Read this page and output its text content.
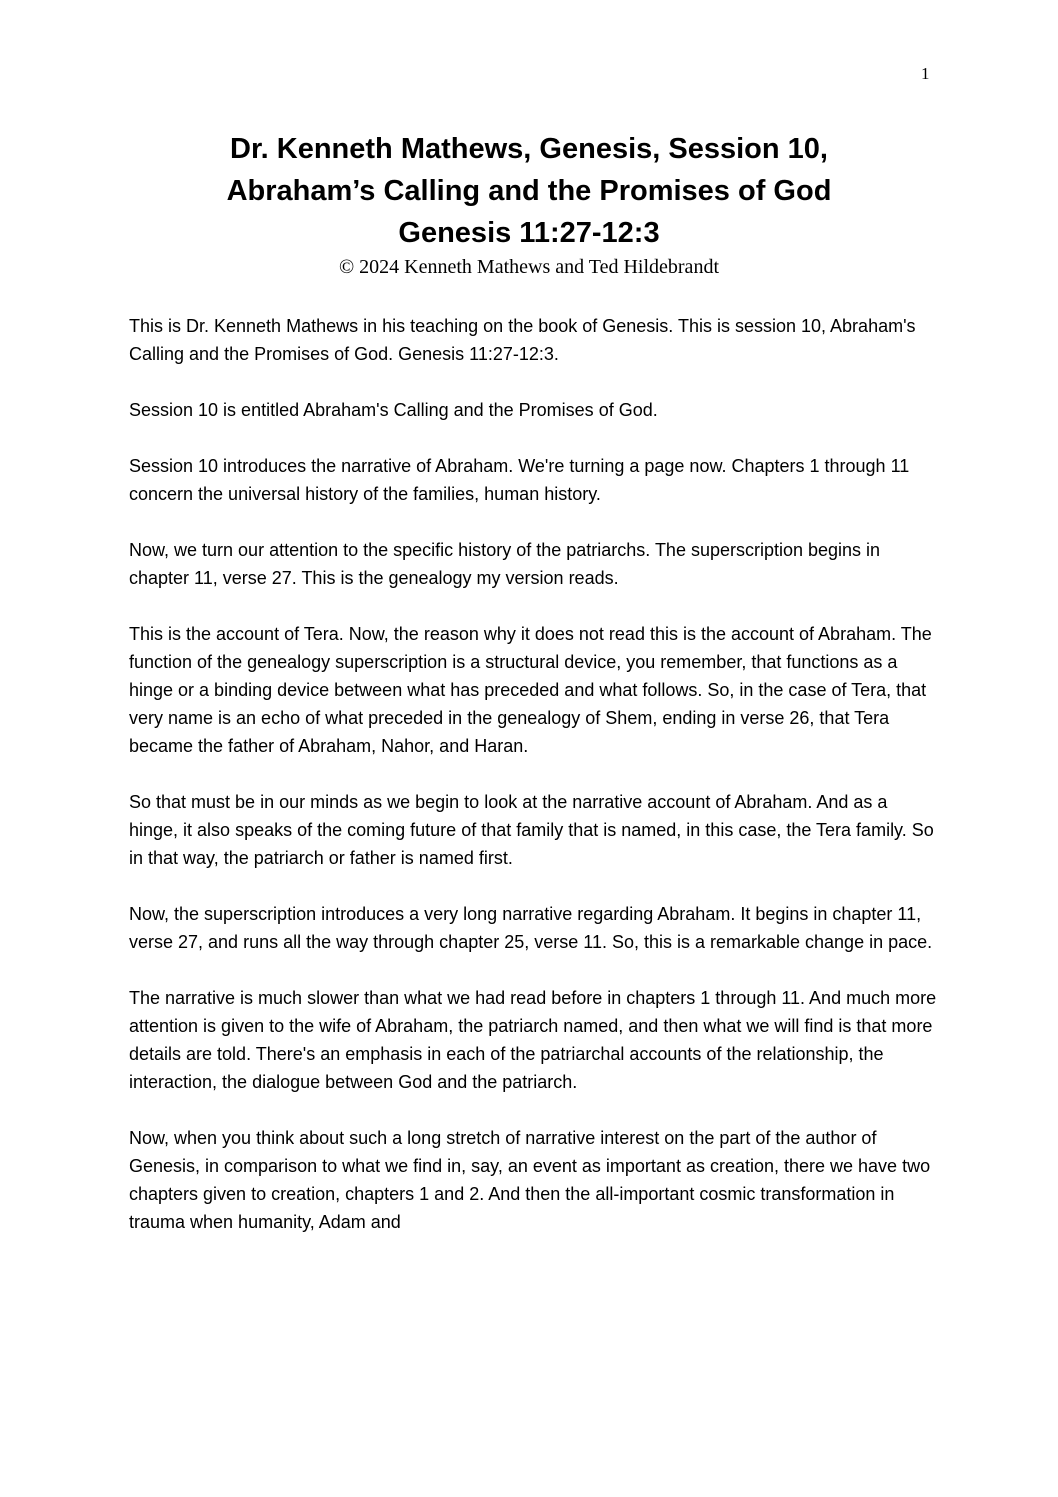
1

Dr. Kenneth Mathews, Genesis, Session 10,

Abraham’s Calling and the Promises of God

Genesis 11:27-12:3

© 2024 Kenneth Mathews and Ted Hildebrandt

This is Dr. Kenneth Mathews in his teaching on the book of Genesis. This is session 10, Abraham's Calling and the Promises of God. Genesis 11:27-12:3.

Session 10 is entitled Abraham's Calling and the Promises of God.

Session 10 introduces the narrative of Abraham. We're turning a page now. Chapters 1 through 11 concern the universal history of the families, human history.

Now, we turn our attention to the specific history of the patriarchs. The superscription begins in chapter 11, verse 27. This is the genealogy my version reads.

This is the account of Tera. Now, the reason why it does not read this is the account of Abraham. The function of the genealogy superscription is a structural device, you remember, that functions as a hinge or a binding device between what has preceded and what follows. So, in the case of Tera, that very name is an echo of what preceded in the genealogy of Shem, ending in verse 26, that Tera became the father of Abraham, Nahor, and Haran.

So that must be in our minds as we begin to look at the narrative account of Abraham. And as a hinge, it also speaks of the coming future of that family that is named, in this case, the Tera family. So in that way, the patriarch or father is named first.

Now, the superscription introduces a very long narrative regarding Abraham. It begins in chapter 11, verse 27, and runs all the way through chapter 25, verse 11. So, this is a remarkable change in pace.

The narrative is much slower than what we had read before in chapters 1 through 11. And much more attention is given to the wife of Abraham, the patriarch named, and then what we will find is that more details are told. There's an emphasis in each of the patriarchal accounts of the relationship, the interaction, the dialogue between God and the patriarch.

Now, when you think about such a long stretch of narrative interest on the part of the author of Genesis, in comparison to what we find in, say, an event as important as creation, there we have two chapters given to creation, chapters 1 and 2. And then the all-important cosmic transformation in trauma when humanity, Adam and
